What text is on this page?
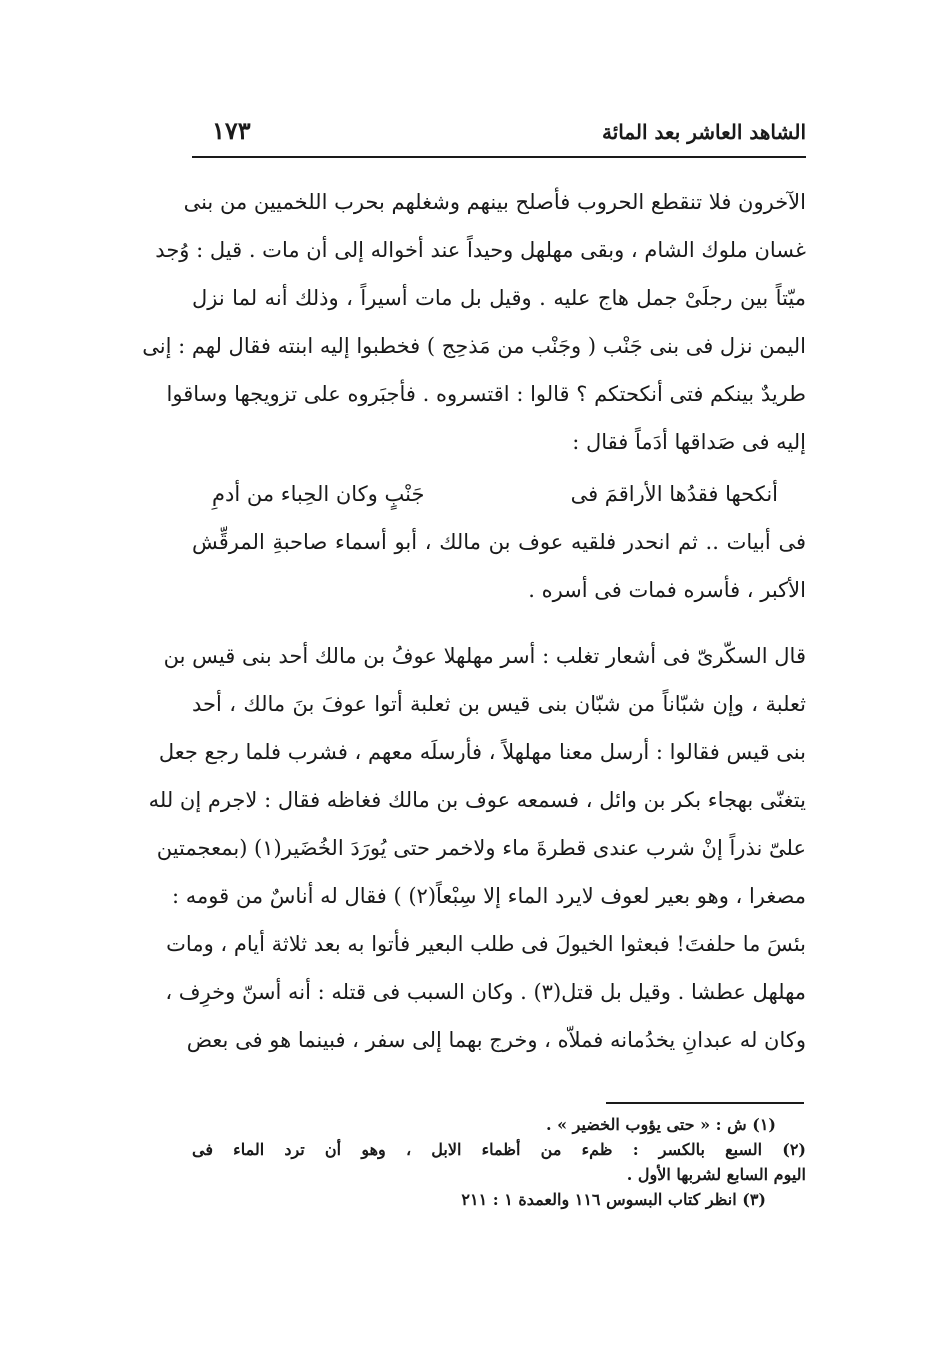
الشاهد العاشر بعد المائة
١٧٣
الآخرون فلا تنقطع الحروب فأصلح بينهم وشغلهم بحرب اللخميين من بنى
غسان ملوك الشام ، وبقى مهلهل وحيداً عند أخواله إلى أن مات . قيل : وُجد
ميّتاً بين رجلَىْ جمل هاج عليه . وقيل بل مات أسيراً ، وذلك أنه لما نزل
اليمن نزل فى بنى جَنْب ( وجَنْب من مَذحِج ) فخطبوا إليه ابنته فقال لهم : إنى
طريدٌ بينكم فتى أنكحتكم ؟ قالوا : اقتسروه . فأجبَروه على تزويجها وساقوا
إليه فى صَداقها أدَماً فقال :
أنكحها فقدُها الأراقمَ فى
جَنْبٍ وكان الحِباء من أدمِ
فى أبيات .. ثم انحدر فلقيه عوف بن مالك ، أبو أسماء صاحبةِ المرقِّش
الأكبر ، فأسره فمات فى أسره .
قال السكّرىّ فى أشعار تغلب : أسر مهلهلا عوفُ بن مالك أحد بنى قيس بن
ثعلبة ، وإن شبّاناً من شبّان بنى قيس بن ثعلبة أتوا عوفَ بنَ مالك ، أحد
بنى قيس فقالوا : أرسل معنا مهلهلاً ، فأرسلَه معهم ، فشرب فلما رجع جعل
يتغنّى بهجاء بكر بن وائل ، فسمعه عوف بن مالك فغاظه فقال : لاجرم إن لله
علىّ نذراً إنْ شرب عندى قطرةَ ماء ولاخمر حتى يُورَدَ الخُضَير(١) (بمعجمتين
مصغرا ، وهو بعير لعوف لايرد الماء إلا سِبْعاً(٢) ) فقال له أناسٌ من قومه :
بئسَ ما حلفتَ! فبعثوا الخيولَ فى طلب البعير فأتوا به بعد ثلاثة أيام ، ومات
مهلهل عطشا . وقيل بل قتل(٣) . وكان السبب فى قتله : أنه أسنّ وخرِف ،
وكان له عبدانِ يخدُمانه فملاّه ، وخرج بهما إلى سفر ، فبينما هو فى بعض
(١) ش : « حتى يؤوب الخضير » .
(٢) السبع بالكسر : ظمء من أظماء الابل ، وهو أن ترد الماء فى
اليوم السابع لشربها الأول .
(٣) انظر كتاب البسوس ١١٦ والعمدة ١ : ٢١١
